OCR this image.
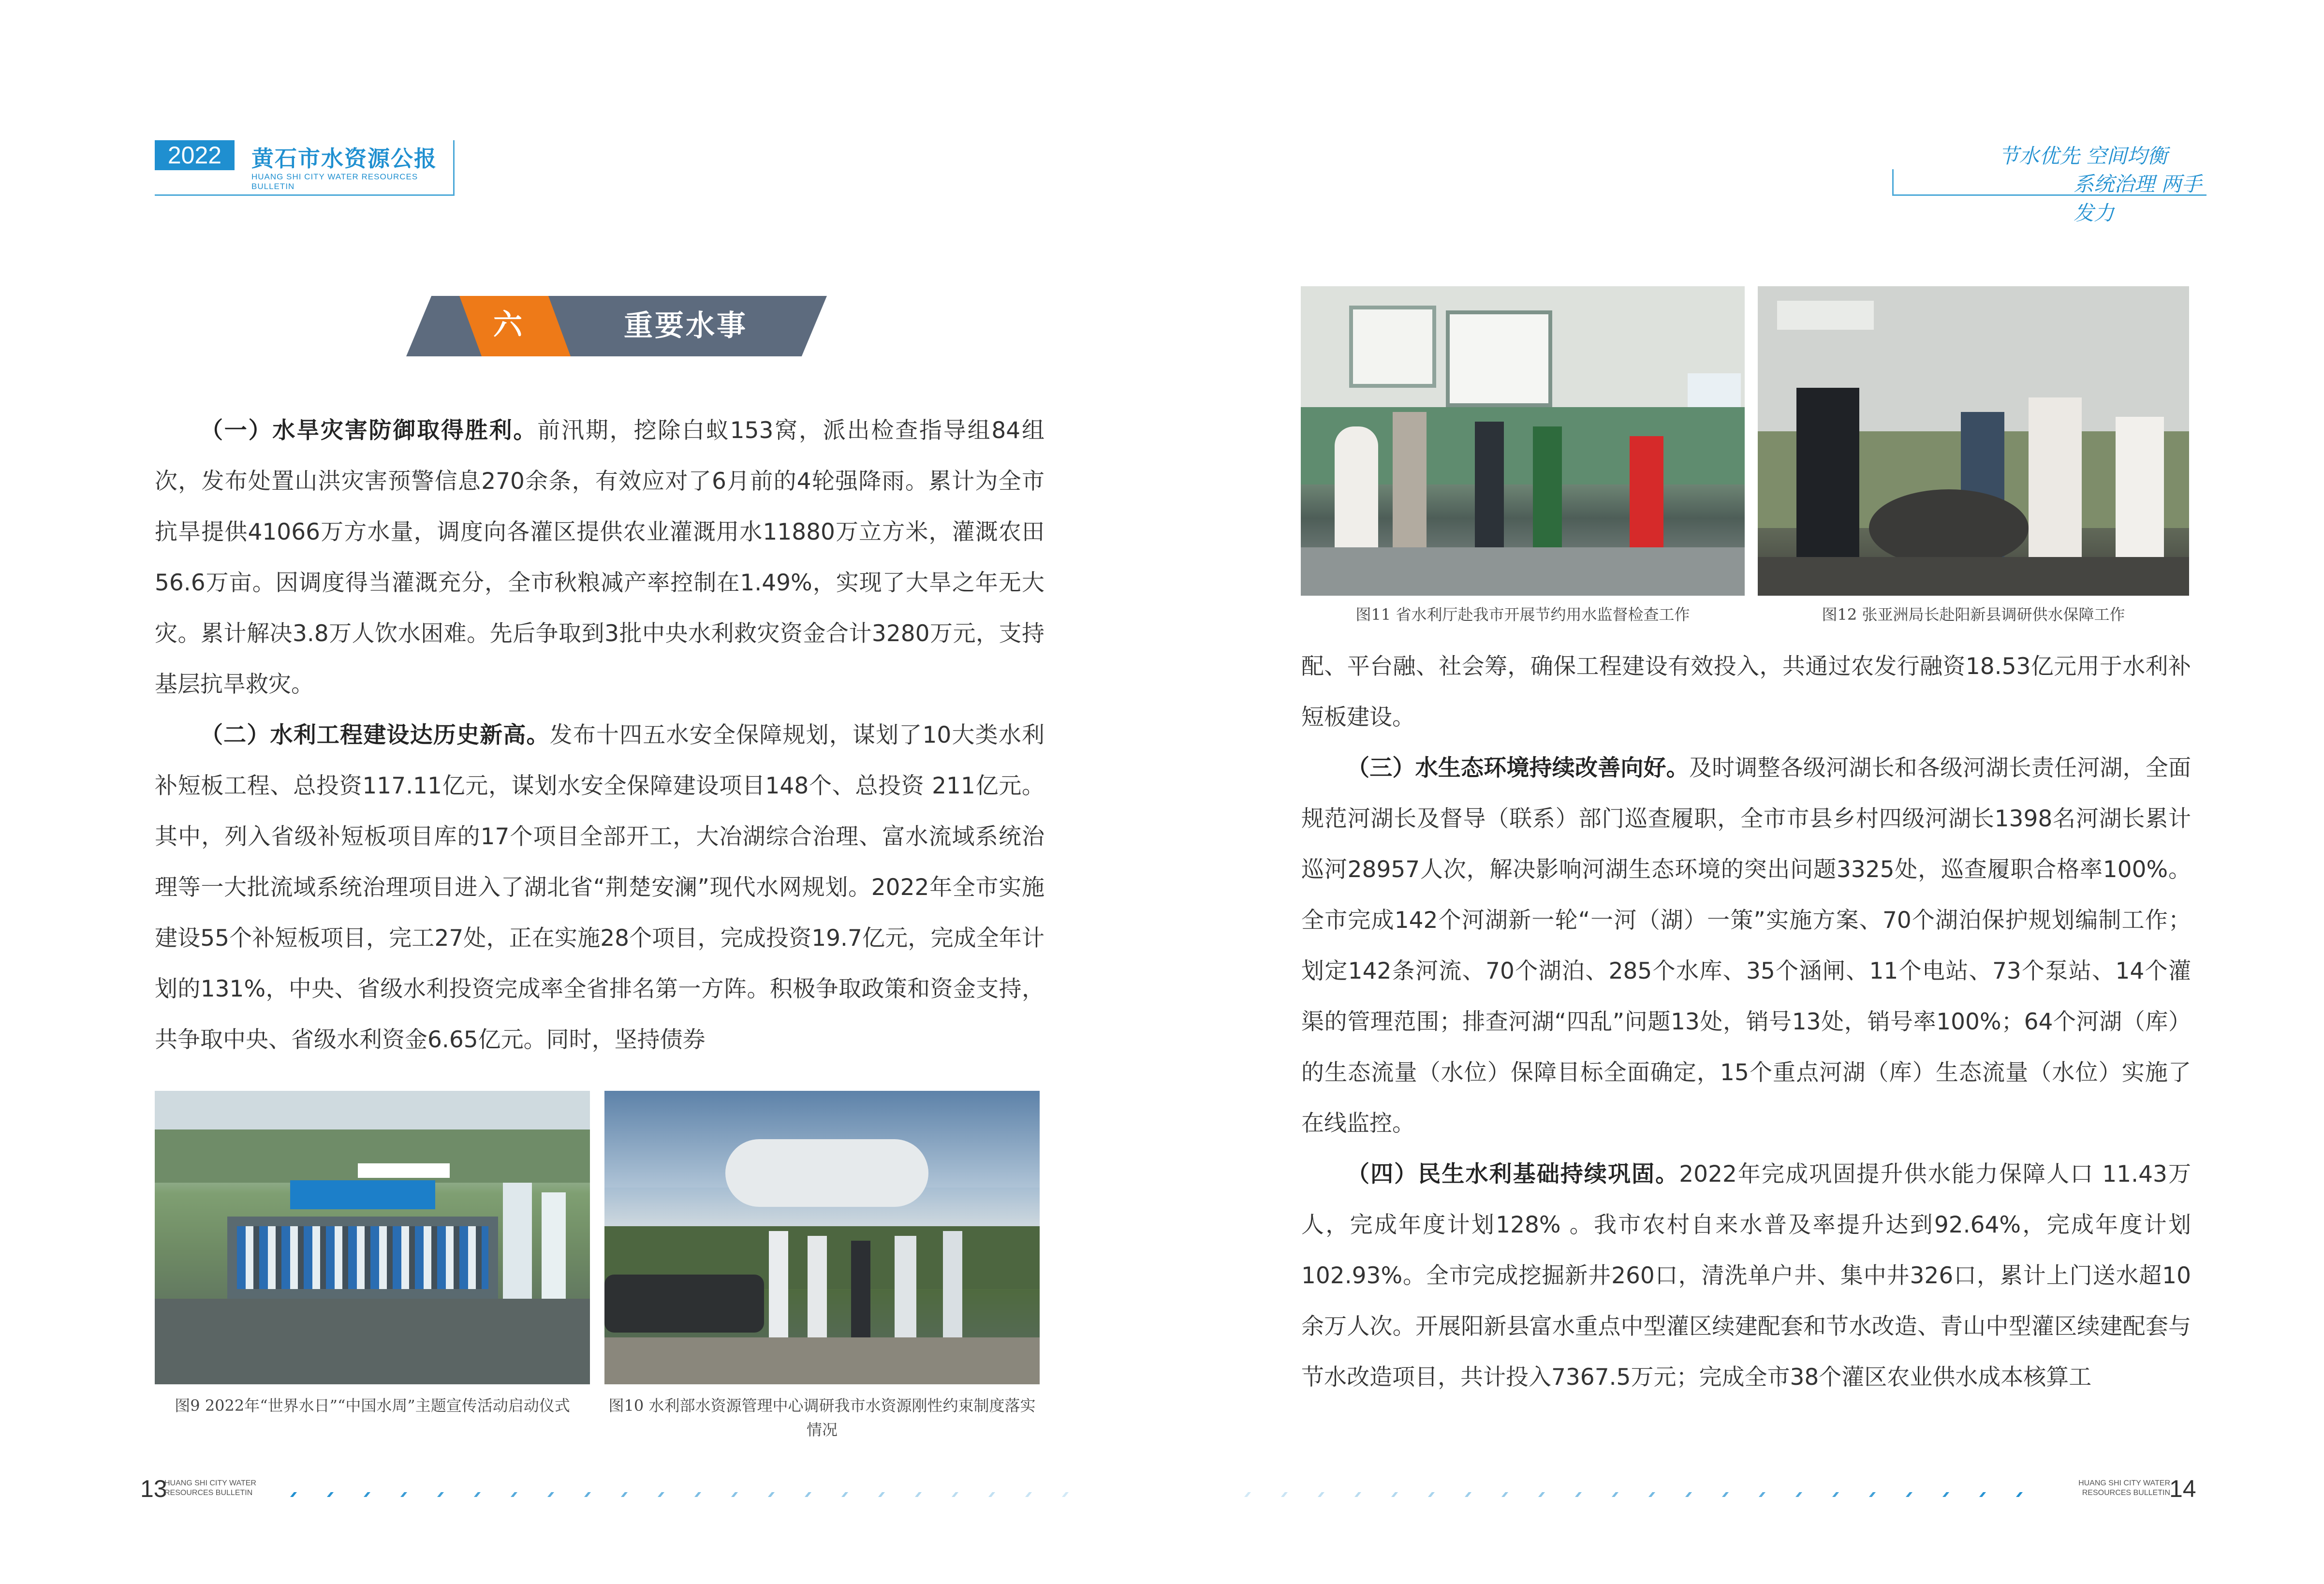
2022	黄石市水资源公报
HUANG SHI CITY WATER RESOURCES BULLETIN
六	重要水事

（一）水旱灾害防御取得胜利。前汛期，挖除白蚁153窝，派出检查指导组84组次，发布处置山洪灾害预警信息270余条，有效应对了6月前的4轮强降雨。累计为全市抗旱提供41066万方水量，调度向各灌区提供农业灌溉用水11880万立方米，灌溉农田56.6万亩。因调度得当灌溉充分，全市秋粮减产率控制在1.49%，实现了大旱之年无大灾。累计解决3.8万人饮水困难。先后争取到3批中央水利救灾资金合计3280万元，支持基层抗旱救灾。

（二）水利工程建设达历史新高。发布十四五水安全保障规划，谋划了10大类水利补短板工程、总投资117.11亿元，谋划水安全保障建设项目148个、总投资 211亿元。其中，列入省级补短板项目库的17个项目全部开工，大冶湖综合治理、富水流域系统治理等一大批流域系统治理项目进入了湖北省“荆楚安澜”现代水网规划。2022年全市实施建设55个补短板项目，完工27处，正在实施28个项目，完成投资19.7亿元，完成全年计划的131%，中央、省级水利投资完成率全省排名第一方阵。积极争取政策和资金支持，共争取中央、省级水利资金6.65亿元。同时，坚持债券

图9 2022年“世界水日”“中国水周”主题宣传活动启动仪式	图10 水利部水资源管理中心调研我市水资源刚性约束制度落实情况
13
HUANG SHI CITY WATER
RESOURCES BULLETIN
节水优先 空间均衡
系统治理 两手发力
图11 省水利厅赴我市开展节约用水监督检查工作	图12 张亚洲局长赴阳新县调研供水保障工作

配、平台融、社会筹，确保工程建设有效投入，共通过农发行融资18.53亿元用于水利补短板建设。

（三）水生态环境持续改善向好。及时调整各级河湖长和各级河湖长责任河湖，全面规范河湖长及督导（联系）部门巡查履职，全市市县乡村四级河湖长1398名河湖长累计巡河28957人次，解决影响河湖生态环境的突出问题3325处，巡查履职合格率100%。全市完成142个河湖新一轮“一河（湖）一策”实施方案、70个湖泊保护规划编制工作；划定142条河流、70个湖泊、285个水库、35个涵闸、11个电站、73个泵站、14个灌渠的管理范围；排查河湖“四乱”问题13处，销号13处，销号率100%；64个河湖（库）的生态流量（水位）保障目标全面确定，15个重点河湖（库）生态流量（水位）实施了在线监控。

（四）民生水利基础持续巩固。2022年完成巩固提升供水能力保障人口 11.43万人，完成年度计划128% 。我市农村自来水普及率提升达到92.64%，完成年度计划102.93%。全市完成挖掘新井260口，清洗单户井、集中井326口，累计上门送水超10余万人次。开展阳新县富水重点中型灌区续建配套和节水改造、青山中型灌区续建配套与节水改造项目，共计投入7367.5万元；完成全市38个灌区农业供水成本核算工

HUANG SHI CITY WATER
RESOURCES BULLETIN
14
